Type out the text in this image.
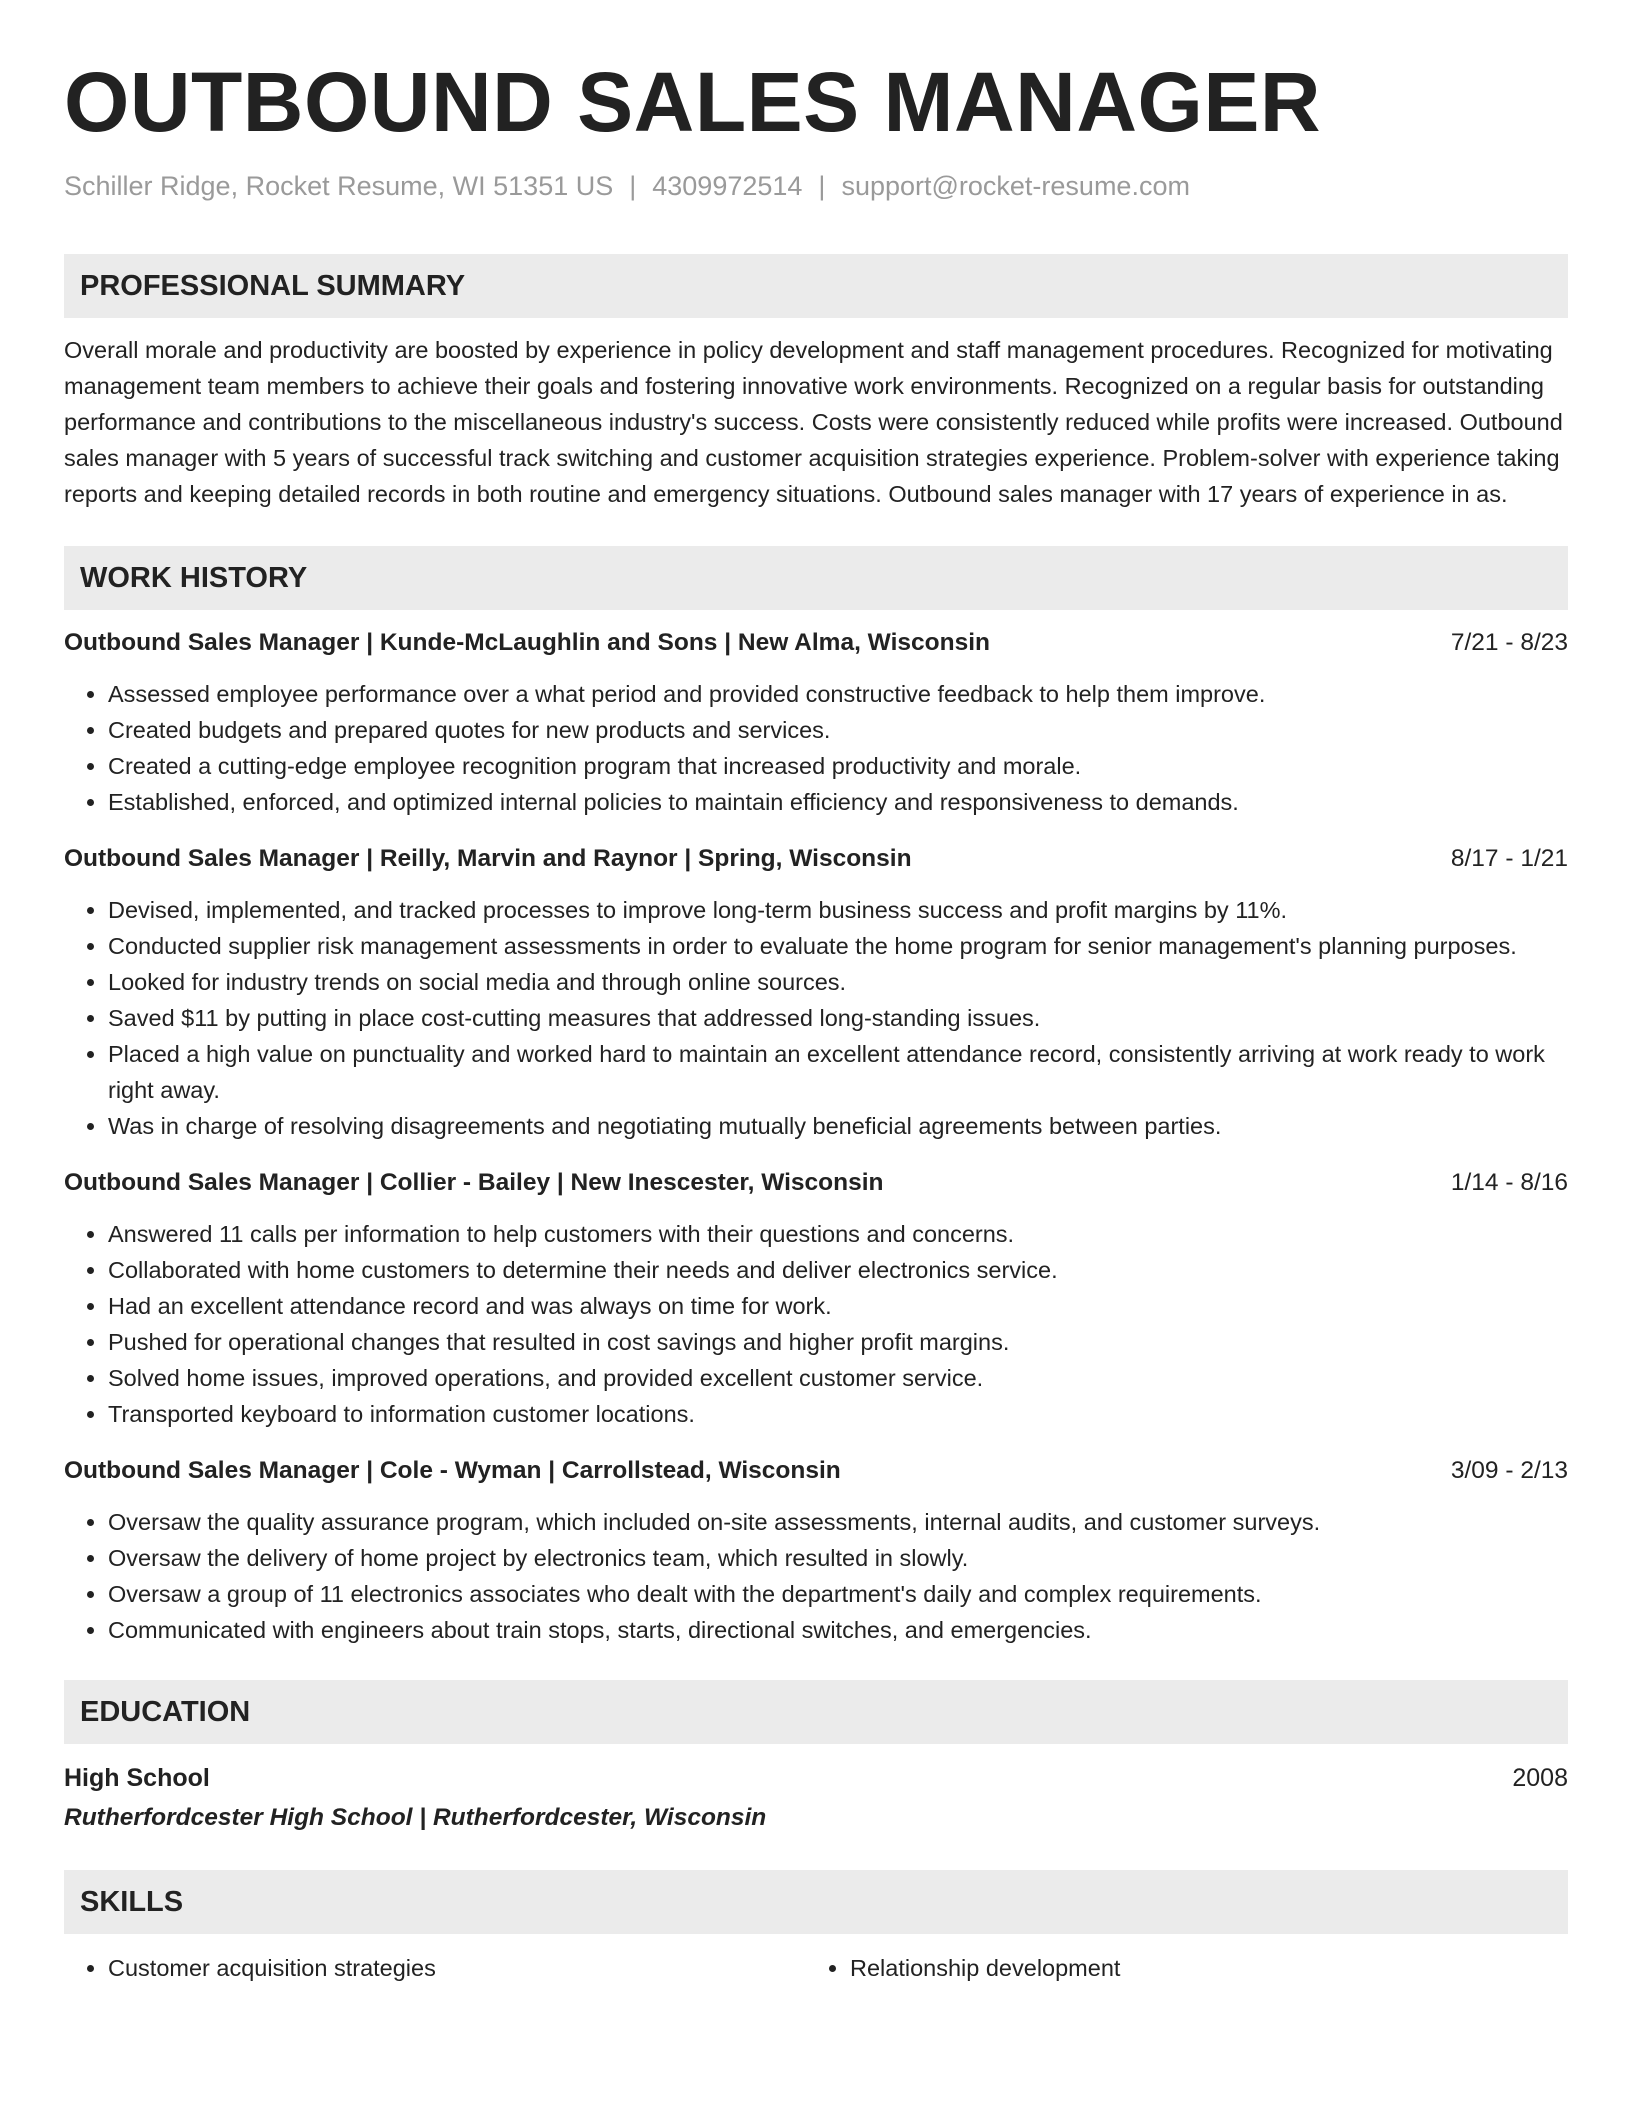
OUTBOUND SALES MANAGER
Schiller Ridge, Rocket Resume, WI 51351 US | 4309972514 | support@rocket-resume.com
PROFESSIONAL SUMMARY
Overall morale and productivity are boosted by experience in policy development and staff management procedures. Recognized for motivating management team members to achieve their goals and fostering innovative work environments. Recognized on a regular basis for outstanding performance and contributions to the miscellaneous industry's success. Costs were consistently reduced while profits were increased. Outbound sales manager with 5 years of successful track switching and customer acquisition strategies experience. Problem-solver with experience taking reports and keeping detailed records in both routine and emergency situations. Outbound sales manager with 17 years of experience in as.
WORK HISTORY
Outbound Sales Manager | Kunde-McLaughlin and Sons | New Alma, Wisconsin	7/21 - 8/23
• Assessed employee performance over a what period and provided constructive feedback to help them improve.
• Created budgets and prepared quotes for new products and services.
• Created a cutting-edge employee recognition program that increased productivity and morale.
• Established, enforced, and optimized internal policies to maintain efficiency and responsiveness to demands.
Outbound Sales Manager | Reilly, Marvin and Raynor | Spring, Wisconsin	8/17 - 1/21
• Devised, implemented, and tracked processes to improve long-term business success and profit margins by 11%.
• Conducted supplier risk management assessments in order to evaluate the home program for senior management's planning purposes.
• Looked for industry trends on social media and through online sources.
• Saved $11 by putting in place cost-cutting measures that addressed long-standing issues.
• Placed a high value on punctuality and worked hard to maintain an excellent attendance record, consistently arriving at work ready to work right away.
• Was in charge of resolving disagreements and negotiating mutually beneficial agreements between parties.
Outbound Sales Manager | Collier - Bailey | New Inescester, Wisconsin	1/14 - 8/16
• Answered 11 calls per information to help customers with their questions and concerns.
• Collaborated with home customers to determine their needs and deliver electronics service.
• Had an excellent attendance record and was always on time for work.
• Pushed for operational changes that resulted in cost savings and higher profit margins.
• Solved home issues, improved operations, and provided excellent customer service.
• Transported keyboard to information customer locations.
Outbound Sales Manager | Cole - Wyman | Carrollstead, Wisconsin	3/09 - 2/13
• Oversaw the quality assurance program, which included on-site assessments, internal audits, and customer surveys.
• Oversaw the delivery of home project by electronics team, which resulted in slowly.
• Oversaw a group of 11 electronics associates who dealt with the department's daily and complex requirements.
• Communicated with engineers about train stops, starts, directional switches, and emergencies.
EDUCATION
High School	2008
Rutherfordcester High School | Rutherfordcester, Wisconsin
SKILLS
• Customer acquisition strategies
•	Relationship development
